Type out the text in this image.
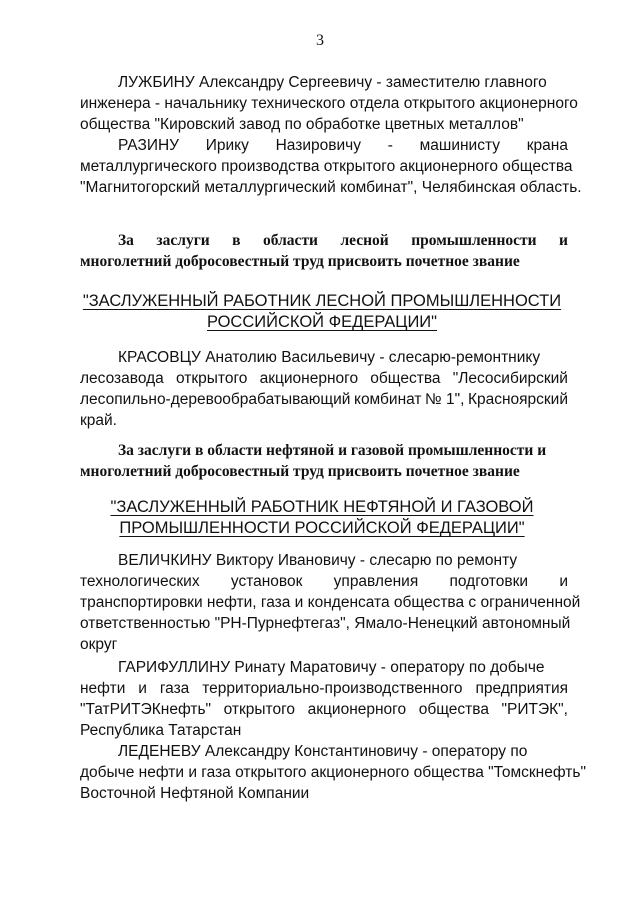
3
ЛУЖБИНУ Александру Сергеевичу - заместителю главного
инженера - начальнику технического отдела открытого акционерного
общества "Кировский завод по обработке цветных металлов"
РАЗИНУ Ирику Назировичу - машинисту крана
металлургического производства открытого акционерного общества
"Магнитогорский металлургический комбинат", Челябинская область.
За заслуги в области лесной промышленности и
многолетний добросовестный труд присвоить почетное звание
"ЗАСЛУЖЕННЫЙ РАБОТНИК ЛЕСНОЙ ПРОМЫШЛЕННОСТИ
РОССИЙСКОЙ ФЕДЕРАЦИИ"
КРАСОВЦУ Анатолию Васильевичу - слесарю-ремонтнику
лесозавода открытого акционерного общества "Лесосибирский
лесопильно-деревообрабатывающий комбинат № 1", Красноярский
край.
За заслуги в области нефтяной и газовой промышленности и
многолетний добросовестный труд присвоить почетное звание
"ЗАСЛУЖЕННЫЙ РАБОТНИК НЕФТЯНОЙ И ГАЗОВОЙ
ПРОМЫШЛЕННОСТИ РОССИЙСКОЙ ФЕДЕРАЦИИ"
ВЕЛИЧКИНУ Виктору Ивановичу - слесарю по ремонту
технологических установок управления подготовки и
транспортировки нефти, газа и конденсата общества с ограниченной
ответственностью "РН-Пурнефтегаз", Ямало-Ненецкий автономный
округ
ГАРИФУЛЛИНУ Ринату Маратовичу - оператору по добыче
нефти и газа территориально-производственного предприятия
"ТатРИТЭКнефть" открытого акционерного общества "РИТЭК",
Республика Татарстан
ЛЕДЕНЕВУ Александру Константиновичу - оператору по
добыче нефти и газа открытого акционерного общества "Томскнефть"
Восточной Нефтяной Компании
